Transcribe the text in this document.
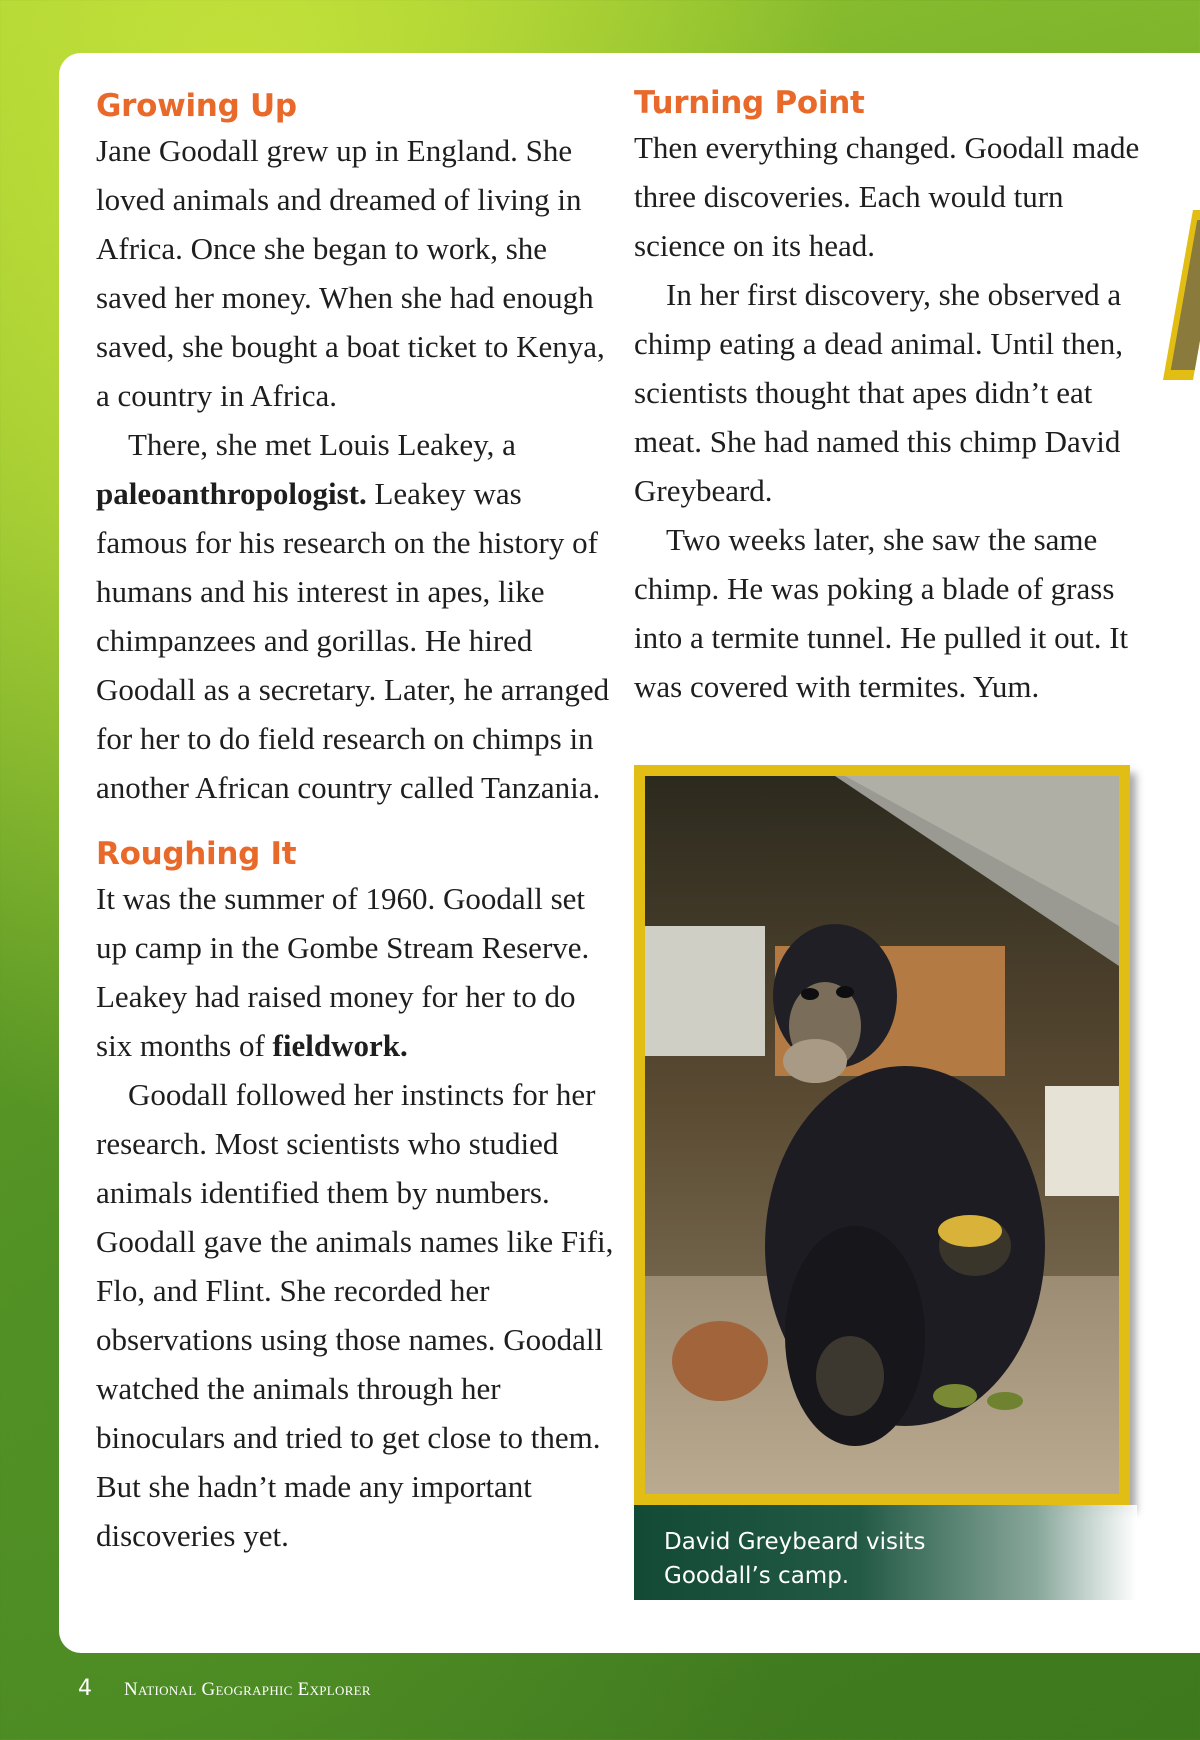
Growing Up

Jane Goodall grew up in England. She loved animals and dreamed of living in Africa. Once she began to work, she saved her money. When she had enough saved, she bought a boat ticket to Kenya, a country in Africa.

There, she met Louis Leakey, a paleoanthropologist. Leakey was famous for his research on the history of humans and his interest in apes, like chimpanzees and gorillas. He hired Goodall as a secretary. Later, he arranged for her to do field research on chimps in another African country called Tanzania.

Roughing It

It was the summer of 1960. Goodall set up camp in the Gombe Stream Reserve. Leakey had raised money for her to do six months of fieldwork.

Goodall followed her instincts for her research. Most scientists who studied animals identified them by numbers. Goodall gave the animals names like Fifi, Flo, and Flint. She recorded her observations using those names. Goodall watched the animals through her binoculars and tried to get close to them. But she hadn’t made any important discoveries yet.

Turning Point

Then everything changed. Goodall made three discoveries. Each would turn science on its head.

In her first discovery, she observed a chimp eating a dead animal. Until then, scientists thought that apes didn’t eat meat. She had named this chimp David Greybeard.

Two weeks later, she saw the same chimp. He was poking a blade of grass into a termite tunnel. He pulled it out. It was covered with termites. Yum.

David Greybeard visits Goodall’s camp.
4 National Geographic Explorer
